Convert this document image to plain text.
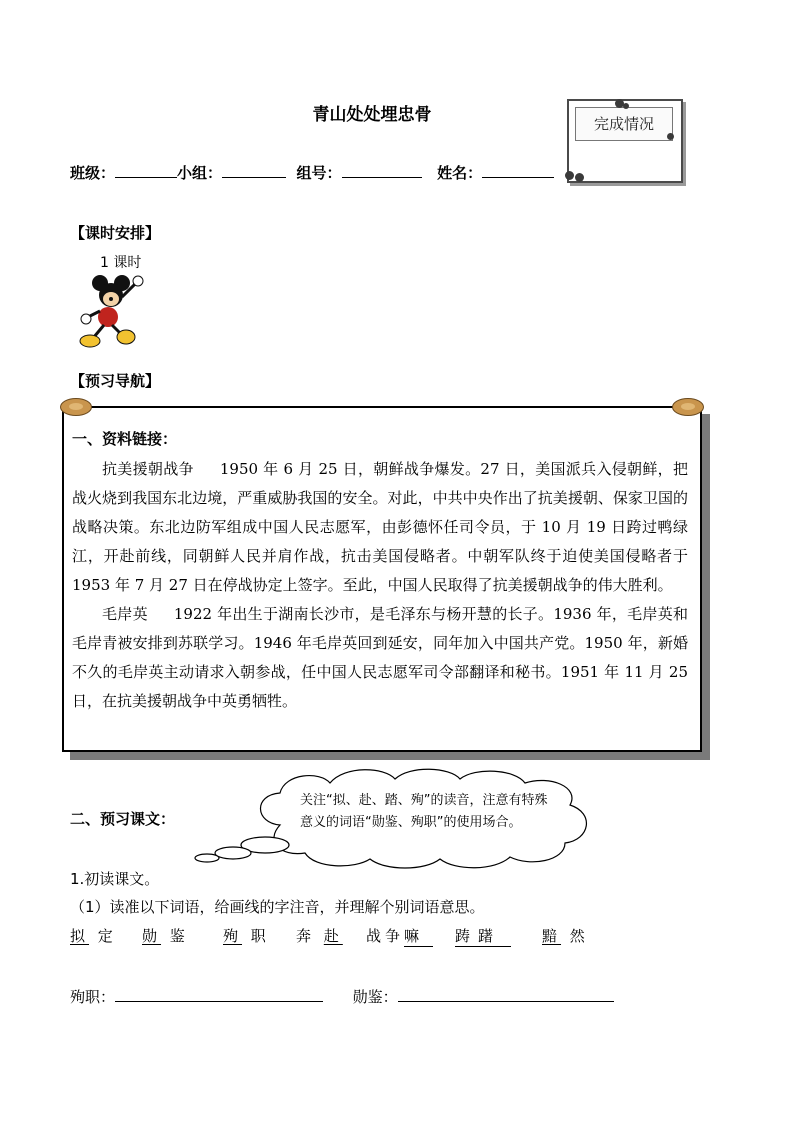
青山处处埋忠骨	完成情况
班级：	小组：	组号：	姓名：
【课时安排】
1 课时
【预习导航】
一、资料链接：

抗美援朝战争 1950 年 6 月 25 日，朝鲜战争爆发。27 日，美国派兵入侵朝鲜，把战火烧到我国东北边境，严重威胁我国的安全。对此，中共中央作出了抗美援朝、保家卫国的战略决策。东北边防军组成中国人民志愿军，由彭德怀任司令员，于 10 月 19 日跨过鸭绿江，开赴前线，同朝鲜人民并肩作战，抗击美国侵略者。中朝军队终于迫使美国侵略者于 1953 年 7 月 27 日在停战协定上签字。至此，中国人民取得了抗美援朝战争的伟大胜利。

毛岸英 1922 年出生于湖南长沙市，是毛泽东与杨开慧的长子。1936 年，毛岸英和毛岸青被安排到苏联学习。1946 年毛岸英回到延安，同年加入中国共产党。1950 年，新婚不久的毛岸英主动请求入朝参战，任中国人民志愿军司令部翻译和秘书。1951 年 11 月 25 日，在抗美援朝战争中英勇牺牲。

二、预习课文：
关注“拟、赴、踏、殉”的读音，注意有特殊意义的词语“勋鉴、殉职”的使用场合。
1.初读课文。
（1）读准以下词语，给画线的字注音，并理解个别词语意思。
拟 定 勋 鉴 殉 职 奔 赴 战争嘛	踌躇	黯 然
殉职：	勋鉴：
